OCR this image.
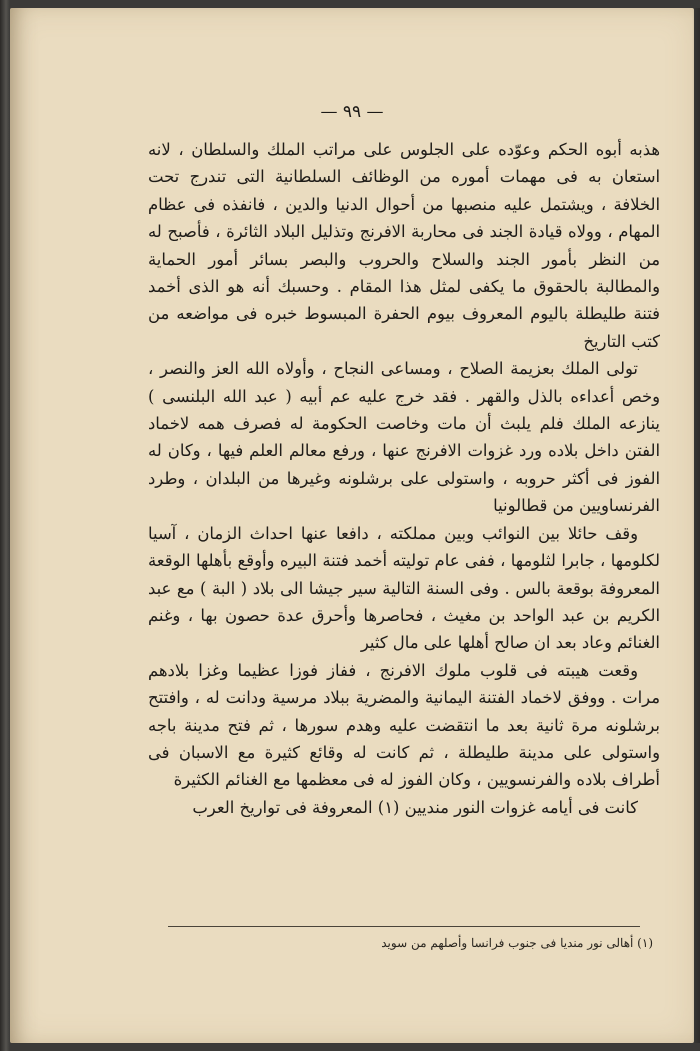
— ٩٩ —

هذبه أبوه الحكم وعوّده على الجلوس على مراتب الملك والسلطان ، لانه استعان به فى مهمات أموره من الوظائف السلطانية التى تندرج تحت الخلافة ، ويشتمل عليه منصبها من أحوال الدنيا والدين ، فانفذه فى عظام المهام ، وولاه قيادة الجند فى محاربة الافرنج وتذليل البلاد الثائرة ، فأصبح له من النظر بأمور الجند والسلاح والحروب والبصر بسائر أمور الحماية والمطالبة بالحقوق ما يكفى لمثل هذا المقام . وحسبك أنه هو الذى أخمد فتنة طليطلة باليوم المعروف بيوم الحفرة المبسوط خبره فى مواضعه من كتب التاريخ

تولى الملك بعزيمة الصلاح ، ومساعى النجاح ، وأولاه الله العز والنصر ، وخص أعداءه بالذل والقهر . فقد خرج عليه عم أبيه ( عبد الله البلنسى ) ينازعه الملك فلم يلبث أن مات وخاصت الحكومة له فصرف همه لاخماد الفتن داخل بلاده ورد غزوات الافرنج عنها ، ورفع معالم العلم فيها ، وكان له الفوز فى أكثر حروبه ، واستولى على برشلونه وغيرها من البلدان ، وطرد الفرنساويين من قطالونيا

وقف حائلا بين النوائب وبين مملكته ، دافعا عنها احداث الزمان ، آسيا لكلومها ، جابرا لثلومها ، ففى عام توليته أخمد فتنة البيره وأوقع بأهلها الوقعة المعروفة بوقعة بالس . وفى السنة التالية سير جيشا الى بلاد ( البة ) مع عبد الكريم بن عبد الواحد بن مغيث ، فحاصرها وأحرق عدة حصون بها ، وغنم الغنائم وعاد بعد ان صالح أهلها على مال كثير

وقعت هيبته فى قلوب ملوك الافرنج ، ففاز فوزا عظيما وغزا بلادهم مرات . ووفق لاخماد الفتنة اليمانية والمضرية ببلاد مرسية ودانت له ، وافتتح برشلونه مرة ثانية بعد ما انتقضت عليه وهدم سورها ، ثم فتح مدينة باجه واستولى على مدينة طليطلة ، ثم كانت له وقائع كثيرة مع الاسبان فى أطراف بلاده والفرنسويين ، وكان الفوز له فى معظمها مع الغنائم الكثيرة

كانت فى أيامه غزوات النور منديين (١) المعروفة فى تواريخ العرب

(١) أهالى نور منديا فى جنوب فرانسا وأصلهم من سويد
